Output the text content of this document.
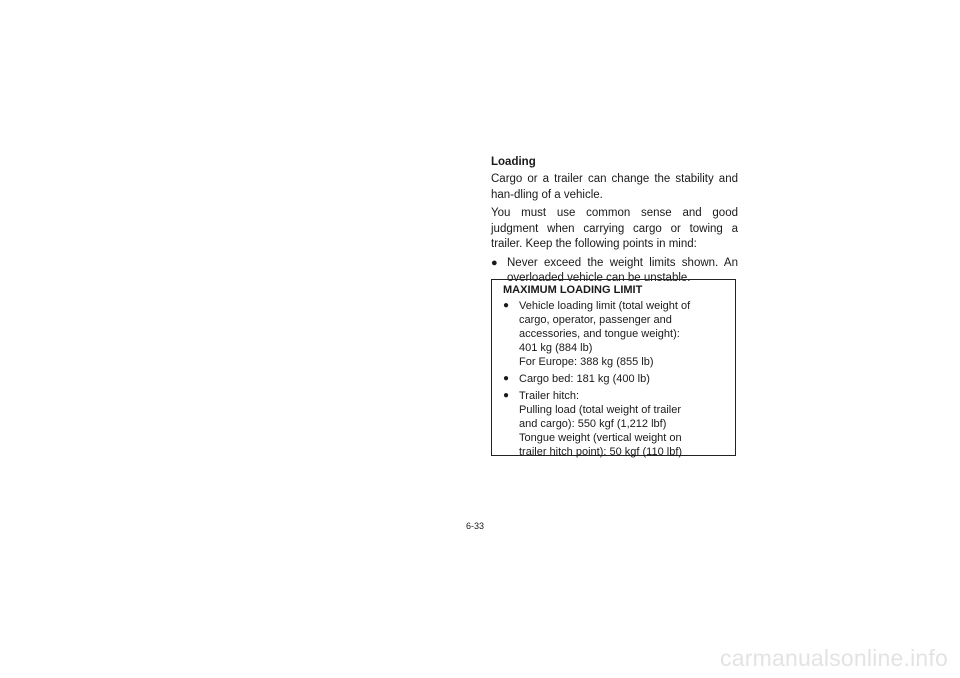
Loading
Cargo or a trailer can change the stability and han-dling of a vehicle.
You must use common sense and good judgment when carrying cargo or towing a trailer. Keep the following points in mind:
● Never exceed the weight limits shown. An overloaded vehicle can be unstable.
MAXIMUM LOADING LIMIT
● Vehicle loading limit (total weight of
cargo, operator, passenger and
accessories, and tongue weight):
401 kg (884 lb)
For Europe: 388 kg (855 lb)
● Cargo bed: 181 kg (400 lb)
● Trailer hitch:
Pulling load (total weight of trailer
and cargo): 550 kgf (1,212 lbf)
Tongue weight (vertical weight on
trailer hitch point): 50 kgf (110 lbf)
6-33
carmanualsonline.info
